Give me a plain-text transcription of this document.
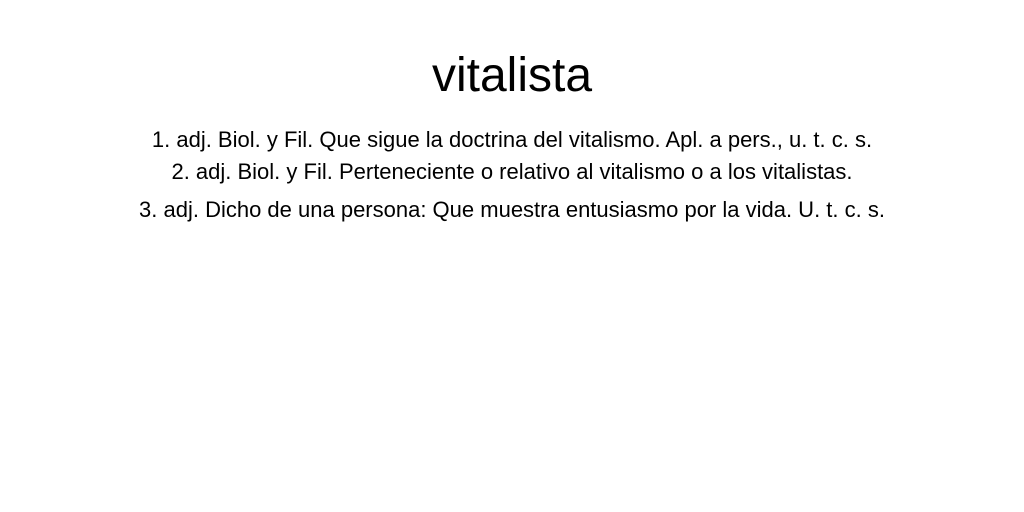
vitalista
1. adj. Biol. y Fil. Que sigue la doctrina del vitalismo. Apl. a pers., u. t. c. s.
2. adj. Biol. y Fil. Perteneciente o relativo al vitalismo o a los vitalistas.
3. adj. Dicho de una persona: Que muestra entusiasmo por la vida. U. t. c. s.
